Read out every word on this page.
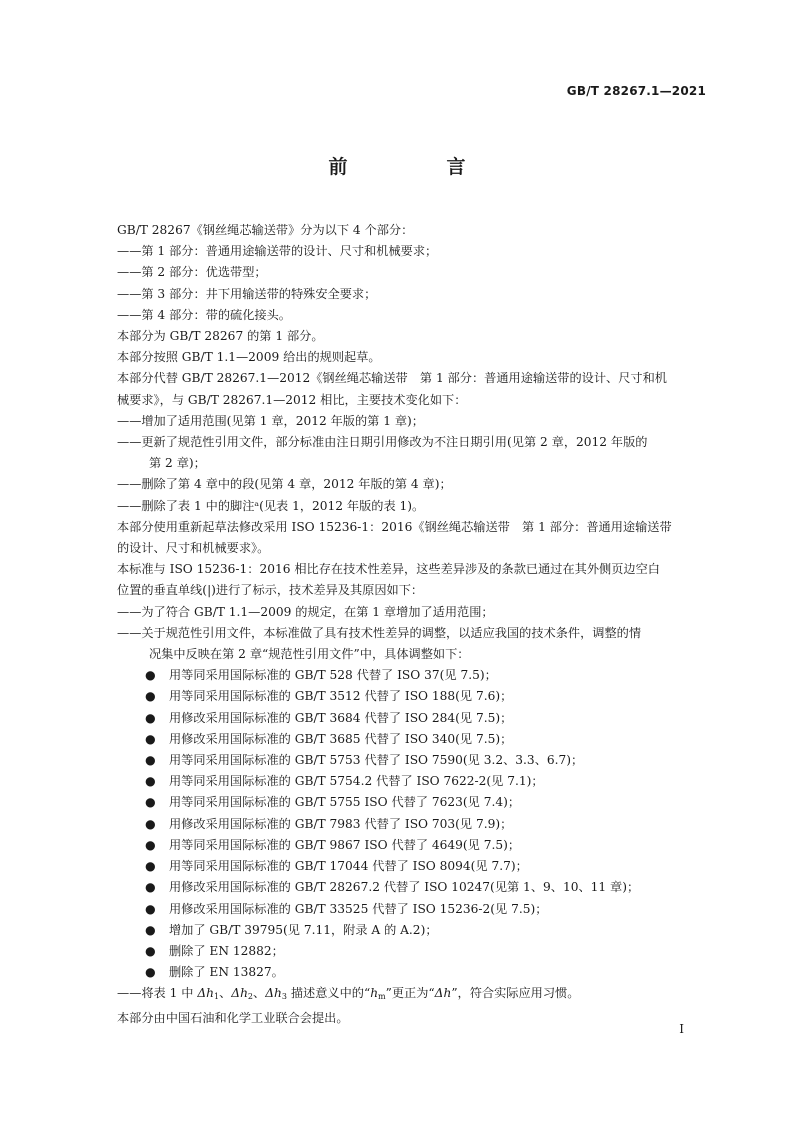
GB/T 28267.1—2021
前　言
GB/T 28267《钢丝绳芯输送带》分为以下 4 个部分：
——第 1 部分：普通用途输送带的设计、尺寸和机械要求；
——第 2 部分：优选带型；
——第 3 部分：井下用输送带的特殊安全要求；
——第 4 部分：带的硫化接头。
本部分为 GB/T 28267 的第 1 部分。
本部分按照 GB/T 1.1—2009 给出的规则起草。
本部分代替 GB/T 28267.1—2012《钢丝绳芯输送带　第 1 部分：普通用途输送带的设计、尺寸和机
械要求》，与 GB/T 28267.1—2012 相比，主要技术变化如下：
——增加了适用范围(见第 1 章，2012 年版的第 1 章)；
——更新了规范性引用文件，部分标准由注日期引用修改为不注日期引用(见第 2 章，2012 年版的
第 2 章)；
——删除了第 4 章中的段(见第 4 章，2012 年版的第 4 章)；
——删除了表 1 中的脚注ᵃ(见表 1，2012 年版的表 1)。
本部分使用重新起草法修改采用 ISO 15236-1：2016《钢丝绳芯输送带　第 1 部分：普通用途输送带
的设计、尺寸和机械要求》。
本标准与 ISO 15236-1：2016 相比存在技术性差异，这些差异涉及的条款已通过在其外侧页边空白
位置的垂直单线(|)进行了标示，技术差异及其原因如下：
——为了符合 GB/T 1.1—2009 的规定，在第 1 章增加了适用范围；
——关于规范性引用文件，本标准做了具有技术性差异的调整，以适应我国的技术条件，调整的情
况集中反映在第 2 章“规范性引用文件”中，具体调整如下：
●	用等同采用国际标准的 GB/T 528 代替了 ISO 37(见 7.5)；
●	用等同采用国际标准的 GB/T 3512 代替了 ISO 188(见 7.6)；
●	用修改采用国际标准的 GB/T 3684 代替了 ISO 284(见 7.5)；
●	用修改采用国际标准的 GB/T 3685 代替了 ISO 340(见 7.5)；
●	用等同采用国际标准的 GB/T 5753 代替了 ISO 7590(见 3.2、3.3、6.7)；
●	用等同采用国际标准的 GB/T 5754.2 代替了 ISO 7622-2(见 7.1)；
●	用等同采用国际标准的 GB/T 5755 ISO 代替了 7623(见 7.4)；
●	用修改采用国际标准的 GB/T 7983 代替了 ISO 703(见 7.9)；
●	用等同采用国际标准的 GB/T 9867 ISO 代替了 4649(见 7.5)；
●	用等同采用国际标准的 GB/T 17044 代替了 ISO 8094(见 7.7)；
●	用修改采用国际标准的 GB/T 28267.2 代替了 ISO 10247(见第 1、9、10、11 章)；
●	用修改采用国际标准的 GB/T 33525 代替了 ISO 15236-2(见 7.5)；
●	增加了 GB/T 39795(见 7.11，附录 A 的 A.2)；
●	删除了 EN 12882；
●	删除了 EN 13827。
——将表 1 中 $\Delta h_1$、$\Delta h_2$、$\Delta h_3$ 描述意义中的“$h_m$”更正为“Δh”，符合实际应用习惯。
本部分由中国石油和化学工业联合会提出。
I
